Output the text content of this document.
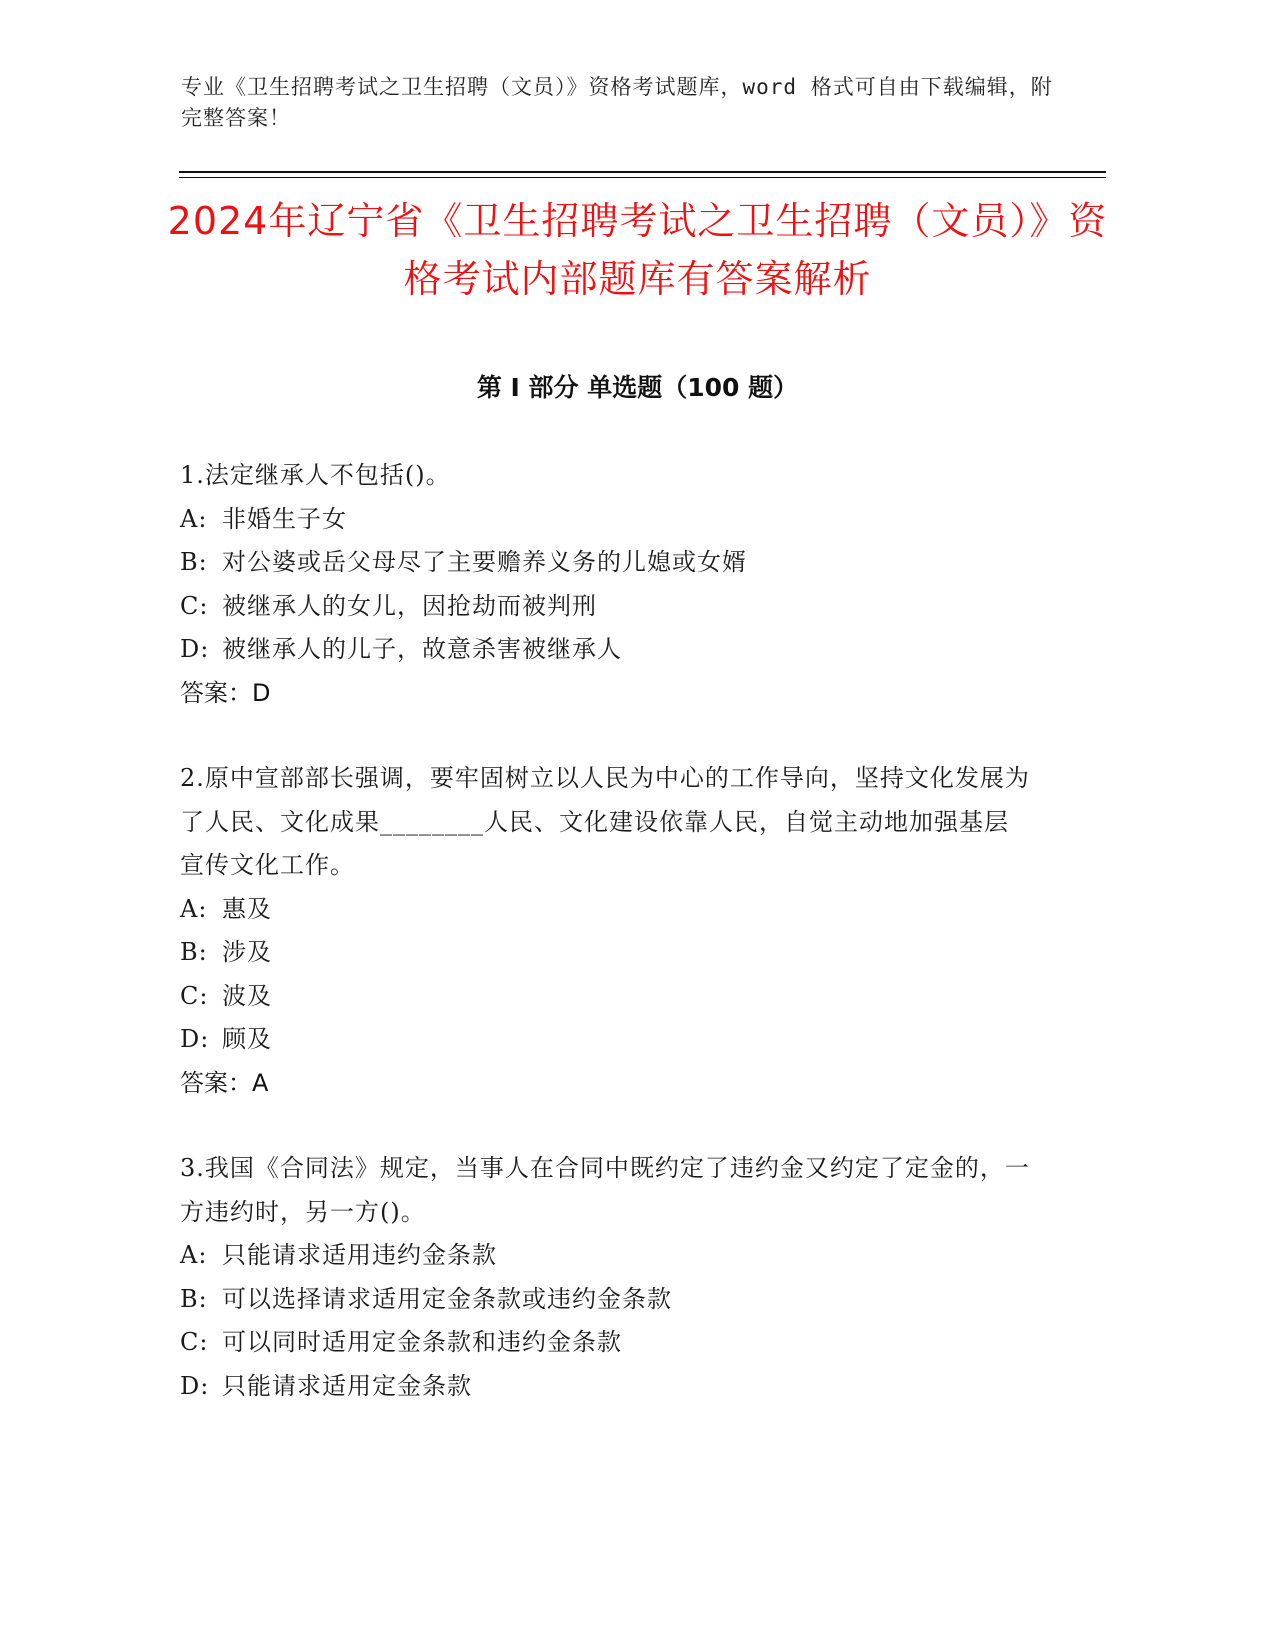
专业《卫生招聘考试之卫生招聘（文员）》资格考试题库，word 格式可自由下载编辑，附完整答案！
2024年辽宁省《卫生招聘考试之卫生招聘（文员）》资格考试内部题库有答案解析
第 I 部分 单选题（100 题）

1.法定继承人不包括()。

A: 非婚生子女

B: 对公婆或岳父母尽了主要赡养义务的儿媳或女婿

C: 被继承人的女儿，因抢劫而被判刑

D: 被继承人的儿子，故意杀害被继承人

答案：D

2.原中宣部部长强调，要牢固树立以人民为中心的工作导向，坚持文化发展为了人民、文化成果________人民、文化建设依靠人民，自觉主动地加强基层宣传文化工作。

A: 惠及

B: 涉及

C: 波及

D: 顾及

答案：A

3.我国《合同法》规定，当事人在合同中既约定了违约金又约定了定金的，一方违约时，另一方()。

A: 只能请求适用违约金条款

B: 可以选择请求适用定金条款或违约金条款

C: 可以同时适用定金条款和违约金条款

D: 只能请求适用定金条款
